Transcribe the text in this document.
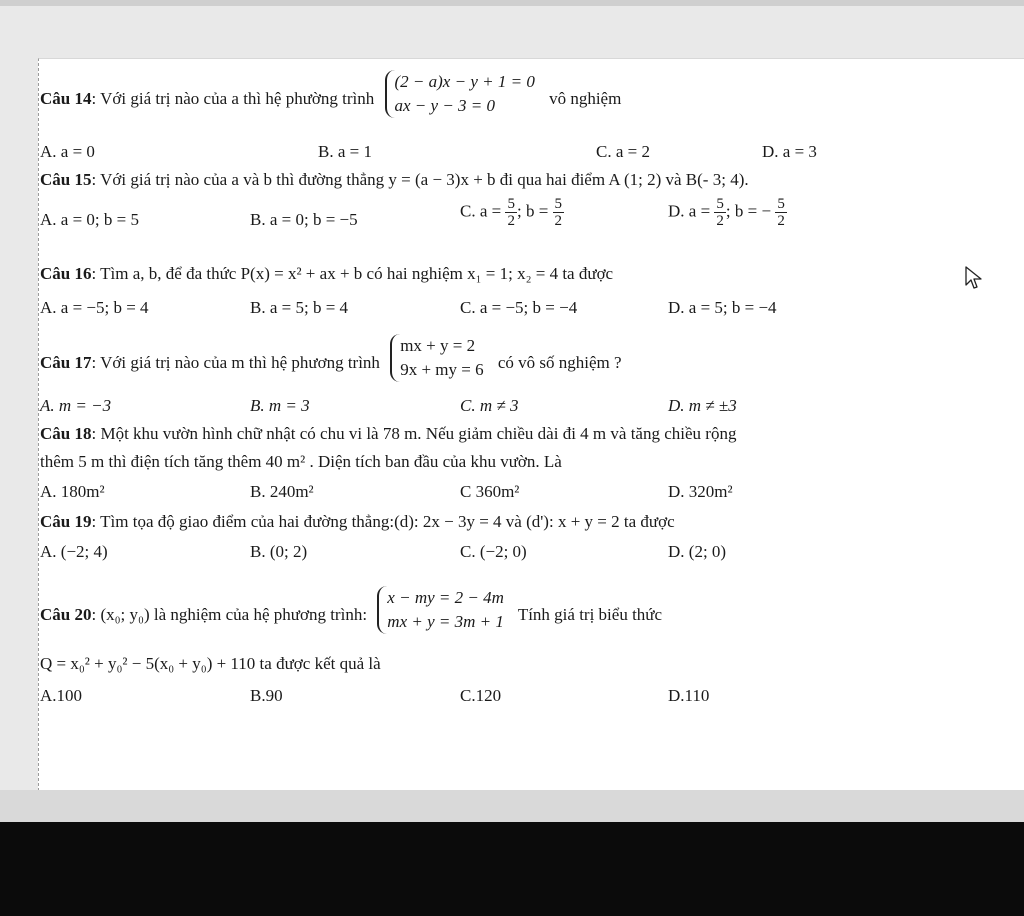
Câu 14: Với giá trị nào của a thì hệ phường trình (2 − a)x − y + 1 = 0
ax − y − 3 = 0	vô nghiệm
A. a = 0	B. a = 1	C. a = 2	D. a = 3
Câu 15: Với giá trị nào của a và b thì đường thẳng y = (a − 3)x + b đi qua hai điểm A (1; 2) và B(- 3; 4).
A. a = 0; b = 5	B. a = 0; b = −5	C. $a = \frac{5}{2}$ ; $b = \frac{5}{2}$	D. $a = \frac{5}{2}$ ; b = − $\frac{5}{2}$
Câu 16: Tìm a, b, để đa thức P(x) = x² + ax + b có hai nghiệm x₁ = 1; x₂ = 4 ta được
A. a = −5; b = 4	B. a = 5; b = 4	C. a = −5; b = −4	D. a = 5; b = −4
Câu 17: Với giá trị nào của m thì hệ phương trình mx + y = 2
9x + my = 6 có vô số nghiệm ?
A. m = −3	B. m = 3	C. m ≠ 3	D. m ≠ ±3
Câu 18: Một khu vườn hình chữ nhật có chu vi là 78 m. Nếu giảm chiều dài đi 4 m và tăng chiều rộng
thêm 5 m thì điện tích tăng thêm 40 m² . Diện tích ban đầu của khu vườn. Là
A. 180m²	B. 240m²	C 360m²	D. 320m²
Câu 19: Tìm tọa độ giao điểm của hai đường thẳng:(d): 2x − 3y = 4 và (d'): x + y = 2 ta được
A. (−2; 4)	B. (0; 2)	C. (−2; 0)	D. (2; 0)
Câu 20: (x₀; y₀) là nghiệm của hệ phương trình: x − my = 2 − 4m
mx + y = 3m + 1 Tính giá trị biểu thức
Q = x₀² + y₀² − 5(x₀ + y₀) + 110 ta được kết quả là
A.100	B.90	C.120	D.110
